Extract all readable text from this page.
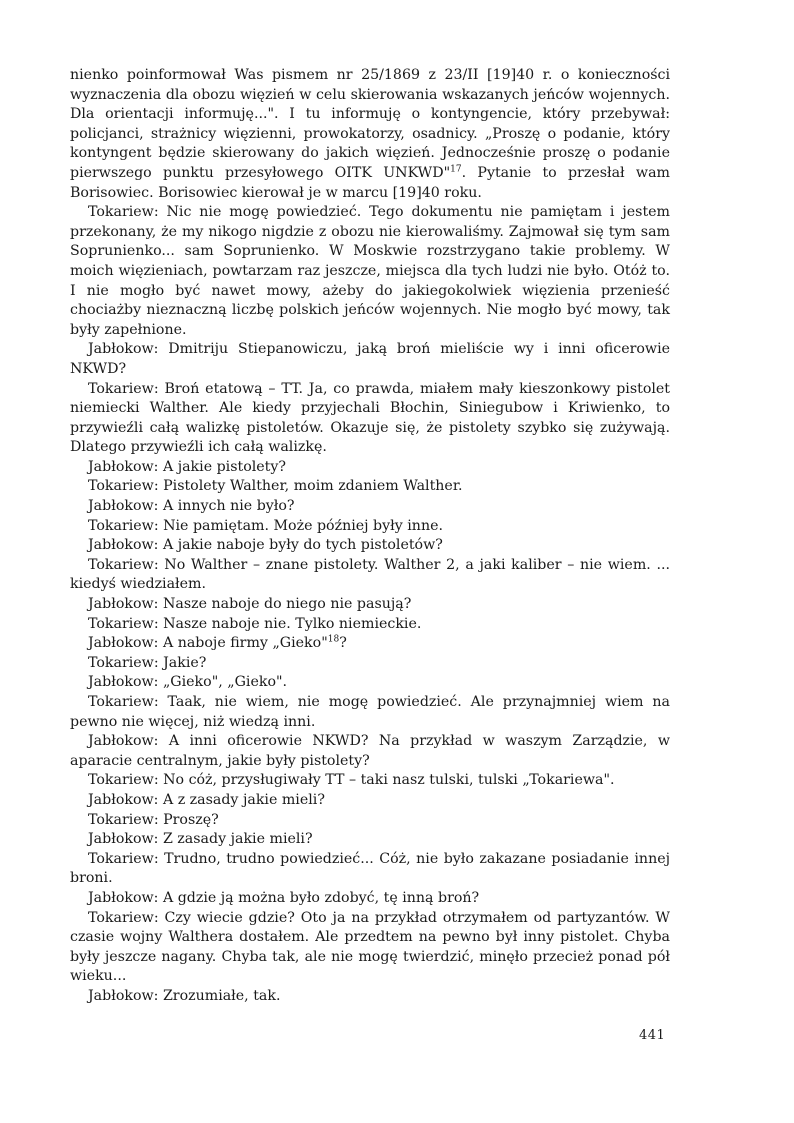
nienko poinformował Was pismem nr 25/1869 z 23/II [19]40 r. o konieczności wyznaczenia dla obozu więzień w celu skierowania wskazanych jeńców wojennych. Dla orientacji informuję...". I tu informuję o kontyngencie, który przebywał: policjanci, strażnicy więzienni, prowokatorzy, osadnicy. „Proszę o podanie, który kontyngent będzie skierowany do jakich więzień. Jednocześnie proszę o podanie pierwszego punktu przesyłowego OITK UNKWD"$^{17}$. Pytanie to przesłał wam Borisowiec. Borisowiec kierował je w marcu [19]40 roku.

Tokariew: Nic nie mogę powiedzieć. Tego dokumentu nie pamiętam i jestem przekonany, że my nikogo nigdzie z obozu nie kierowaliśmy. Zajmował się tym sam Soprunienko... sam Soprunienko. W Moskwie rozstrzygano takie problemy. W moich więzieniach, powtarzam raz jeszcze, miejsca dla tych ludzi nie było. Otóż to. I nie mogło być nawet mowy, ażeby do jakiegokolwiek więzienia przenieść chociażby nieznaczną liczbę polskich jeńców wojennych. Nie mogło być mowy, tak były zapełnione.

Jabłokow: Dmitriju Stiepanowiczu, jaką broń mieliście wy i inni oficerowie NKWD?

Tokariew: Broń etatową – TT. Ja, co prawda, miałem mały kieszonkowy pistolet niemiecki Walther. Ale kiedy przyjechali Błochin, Siniegubow i Kriwienko, to przywieźli całą walizkę pistoletów. Okazuje się, że pistolety szybko się zużywają. Dlatego przywieźli ich całą walizkę.

Jabłokow: A jakie pistolety?

Tokariew: Pistolety Walther, moim zdaniem Walther.

Jabłokow: A innych nie było?

Tokariew: Nie pamiętam. Może później były inne.

Jabłokow: A jakie naboje były do tych pistoletów?

Tokariew: No Walther – znane pistolety. Walther 2, a jaki kaliber – nie wiem. ... kiedyś wiedziałem.

Jabłokow: Nasze naboje do niego nie pasują?

Tokariew: Nasze naboje nie. Tylko niemieckie.

Jabłokow: A naboje firmy „Gieko"$^{18}$?

Tokariew: Jakie?

Jabłokow: „Gieko", „Gieko".

Tokariew: Taak, nie wiem, nie mogę powiedzieć. Ale przynajmniej wiem na pewno nie więcej, niż wiedzą inni.

Jabłokow: A inni oficerowie NKWD? Na przykład w waszym Zarządzie, w aparacie centralnym, jakie były pistolety?

Tokariew: No cóż, przysługiwały TT – taki nasz tulski, tulski „Tokariewa".

Jabłokow: A z zasady jakie mieli?

Tokariew: Proszę?

Jabłokow: Z zasady jakie mieli?

Tokariew: Trudno, trudno powiedzieć... Cóż, nie było zakazane posiadanie innej broni.

Jabłokow: A gdzie ją można było zdobyć, tę inną broń?

Tokariew: Czy wiecie gdzie? Oto ja na przykład otrzymałem od partyzantów. W czasie wojny Walthera dostałem. Ale przedtem na pewno był inny pistolet. Chyba były jeszcze nagany. Chyba tak, ale nie mogę twierdzić, minęło przecież ponad pół wieku...

Jabłokow: Zrozumiałe, tak.

441
